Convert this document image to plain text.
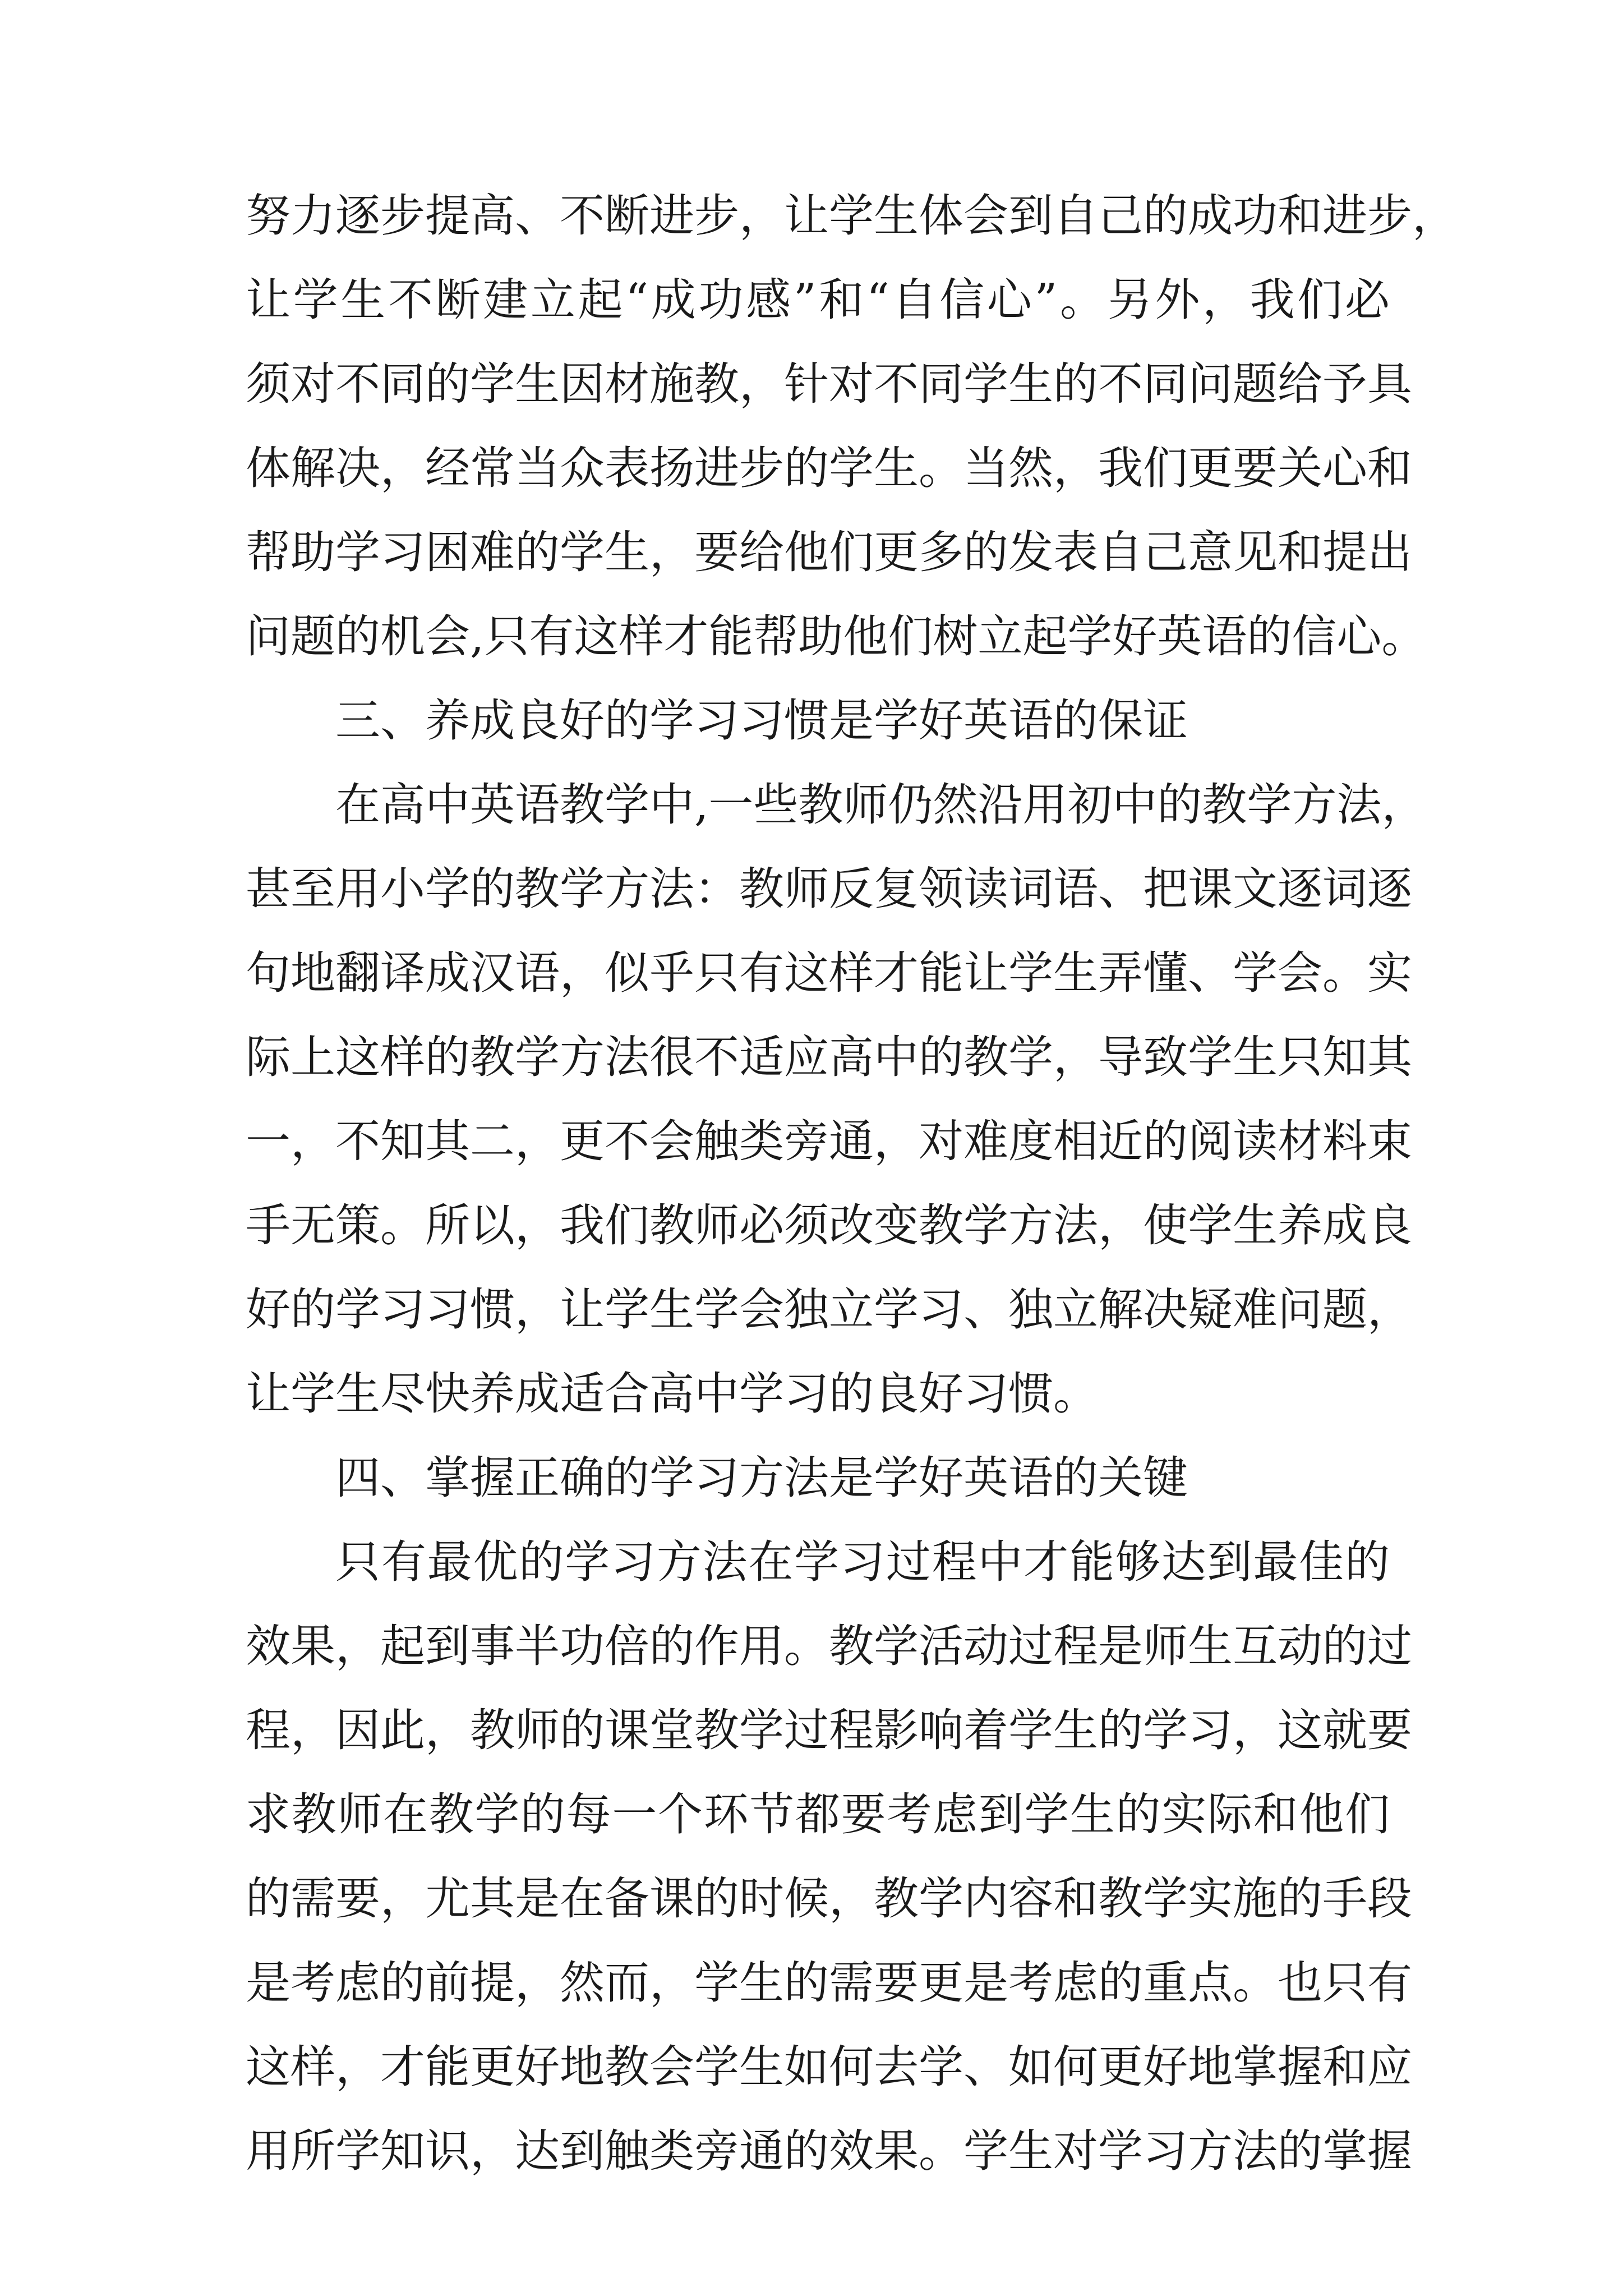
努力逐步提高、不断进步，让学生体会到自己的成功和进步，
让学生不断建立起“成功感”和“自信心”。另外，我们必
须对不同的学生因材施教，针对不同学生的不同问题给予具
体解决，经常当众表扬进步的学生。当然，我们更要关心和
帮助学习困难的学生，要给他们更多的发表自己意见和提出
问题的机会,只有这样才能帮助他们树立起学好英语的信心。
三、养成良好的学习习惯是学好英语的保证
在高中英语教学中,一些教师仍然沿用初中的教学方法，
甚至用小学的教学方法：教师反复领读词语、把课文逐词逐
句地翻译成汉语，似乎只有这样才能让学生弄懂、学会。实
际上这样的教学方法很不适应高中的教学，导致学生只知其
一，不知其二，更不会触类旁通，对难度相近的阅读材料束
手无策。所以，我们教师必须改变教学方法，使学生养成良
好的学习习惯，让学生学会独立学习、独立解决疑难问题，
让学生尽快养成适合高中学习的良好习惯。
四、掌握正确的学习方法是学好英语的关键
只有最优的学习方法在学习过程中才能够达到最佳的
效果，起到事半功倍的作用。教学活动过程是师生互动的过
程，因此，教师的课堂教学过程影响着学生的学习，这就要
求教师在教学的每一个环节都要考虑到学生的实际和他们
的需要，尤其是在备课的时候，教学内容和教学实施的手段
是考虑的前提，然而，学生的需要更是考虑的重点。也只有
这样，才能更好地教会学生如何去学、如何更好地掌握和应
用所学知识，达到触类旁通的效果。学生对学习方法的掌握
